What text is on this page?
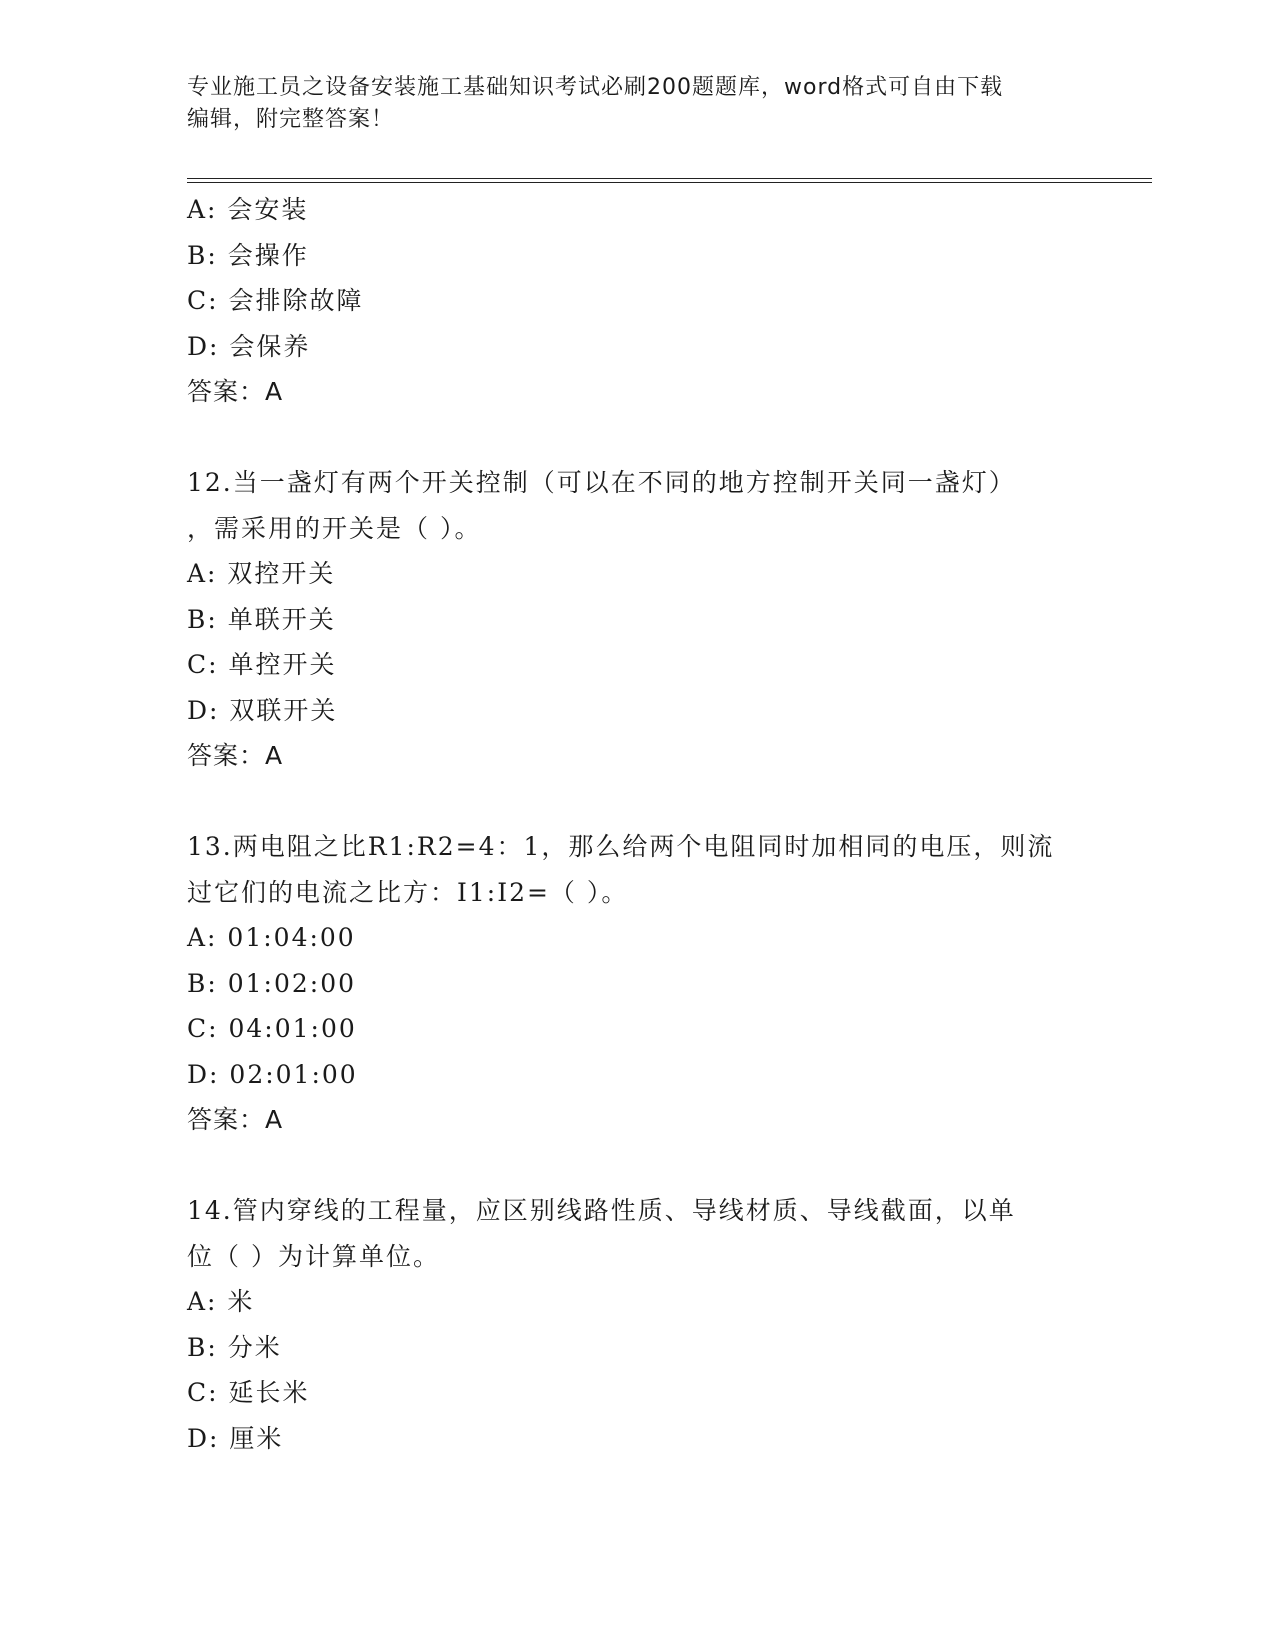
专业施工员之设备安装施工基础知识考试必刷200题题库，word格式可自由下载
编辑，附完整答案！
A: 会安装
B: 会操作
C: 会排除故障
D: 会保养
答案：A
12.当一盏灯有两个开关控制（可以在不同的地方控制开关同一盏灯）
，需采用的开关是（ ）。
A: 双控开关
B: 单联开关
C: 单控开关
D: 双联开关
答案：A
13.两电阻之比R1:R2=4：1，那么给两个电阻同时加相同的电压，则流
过它们的电流之比方：I1:I2=（ ）。
A: 01:04:00
B: 01:02:00
C: 04:01:00
D: 02:01:00
答案：A
14.管内穿线的工程量，应区别线路性质、导线材质、导线截面，以单
位（ ）为计算单位。
A: 米
B: 分米
C: 延长米
D: 厘米
